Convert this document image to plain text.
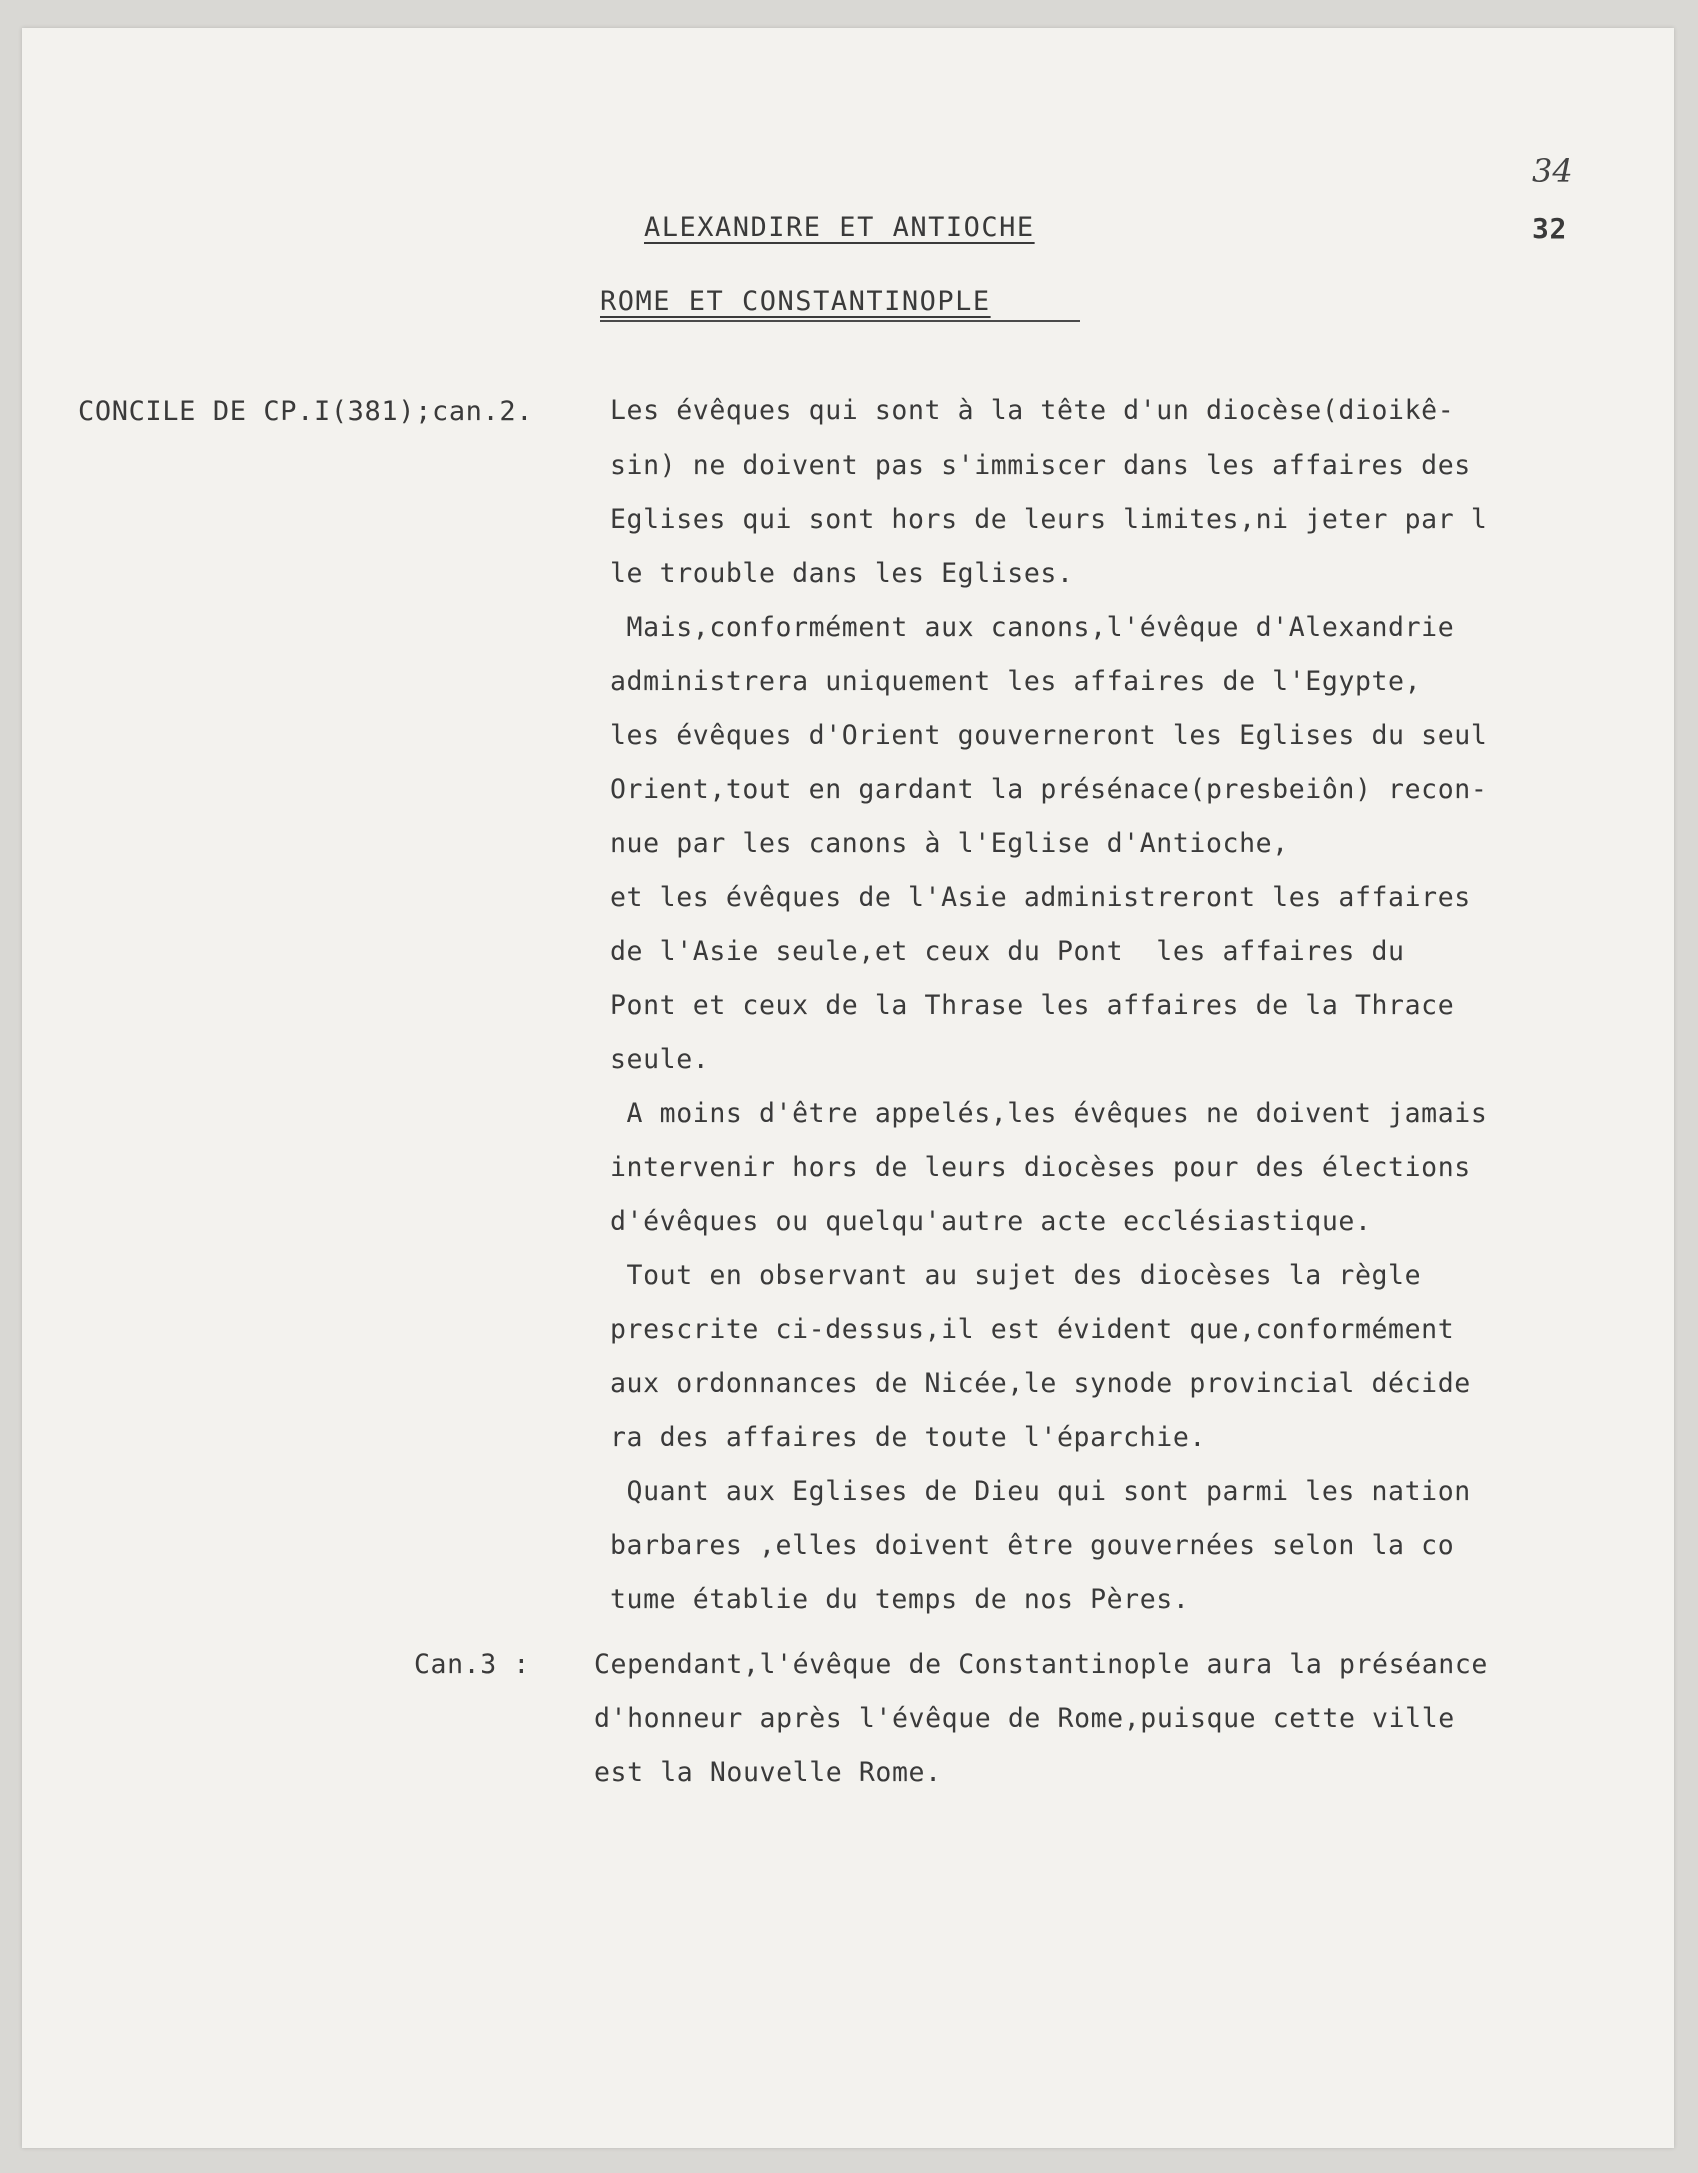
34
32
ALEXANDIRE ET ANTIOCHE
ROME ET CONSTANTINOPLE
CONCILE DE CP.I(381);can.2.	Les évêques qui sont à la tête d'un diocèse(dioikê-
sin) ne doivent pas s'immiscer dans les affaires des
Eglises qui sont hors de leurs limites,ni jeter par l
le trouble dans les Eglises.
Mais,conformément aux canons,l'évêque d'Alexandrie
administrera uniquement les affaires de l'Egypte,
les évêques d'Orient gouverneront les Eglises du seul
Orient,tout en gardant la présénace(presbeiôn) recon-
nue par les canons à l'Eglise d'Antioche,
et les évêques de l'Asie administreront les affaires
de l'Asie seule,et ceux du Pont  les affaires du
Pont et ceux de la Thrase les affaires de la Thrace
seule.
A moins d'être appelés,les évêques ne doivent jamais
intervenir hors de leurs diocèses pour des élections
d'évêques ou quelqu'autre acte ecclésiastique.
Tout en observant au sujet des diocèses la règle
prescrite ci-dessus,il est évident que,conformément
aux ordonnances de Nicée,le synode provincial décide
ra des affaires de toute l'éparchie.
Quant aux Eglises de Dieu qui sont parmi les nation
barbares ,elles doivent être gouvernées selon la co
tume établie du temps de nos Pères.
Can.3 : Cependant,l'évêque de Constantinople aura la préséance
d'honneur après l'évêque de Rome,puisque cette ville
est la Nouvelle Rome.
